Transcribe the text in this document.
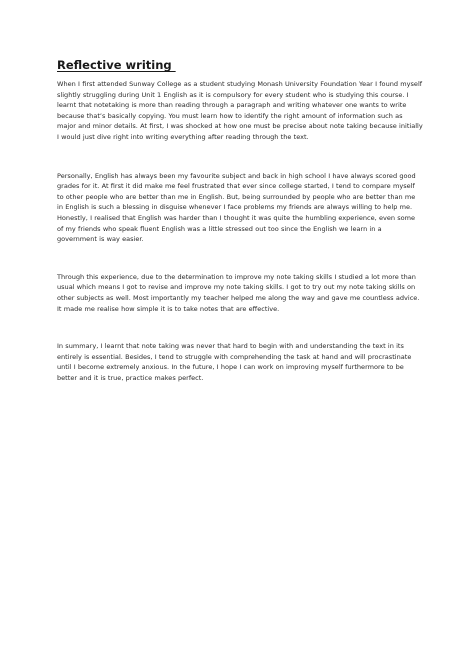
Reflective writing

When I first attended Sunway College as a student studying Monash University Foundation Year I found myself slightly struggling during Unit 1 English as it is compulsory for every student who is studying this course. I learnt that notetaking is more than reading through a paragraph and writing whatever one wants to write because that’s basically copying. You must learn how to identify the right amount of information such as major and minor details. At first, I was shocked at how one must be precise about note taking because initially I would just dive right into writing everything after reading through the text.

Personally, English has always been my favourite subject and back in high school I have always scored good grades for it. At first it did make me feel frustrated that ever since college started, I tend to compare myself to other people who are better than me in English. But, being surrounded by people who are better than me in English is such a blessing in disguise whenever I face problems my friends are always willing to help me. Honestly, I realised that English was harder than I thought it was quite the humbling experience, even some of my friends who speak fluent English was a little stressed out too since the English we learn in a government is way easier.

Through this experience, due to the determination to improve my note taking skills I studied a lot more than usual which means I got to revise and improve my note taking skills. I got to try out my note taking skills on other subjects as well. Most importantly my teacher helped me along the way and gave me countless advice. It made me realise how simple it is to take notes that are effective.

In summary, I learnt that note taking was never that hard to begin with and understanding the text in its entirely is essential. Besides, I tend to struggle with comprehending the task at hand and will procrastinate until I become extremely anxious. In the future, I hope I can work on improving myself furthermore to be better and it is true, practice makes perfect.
